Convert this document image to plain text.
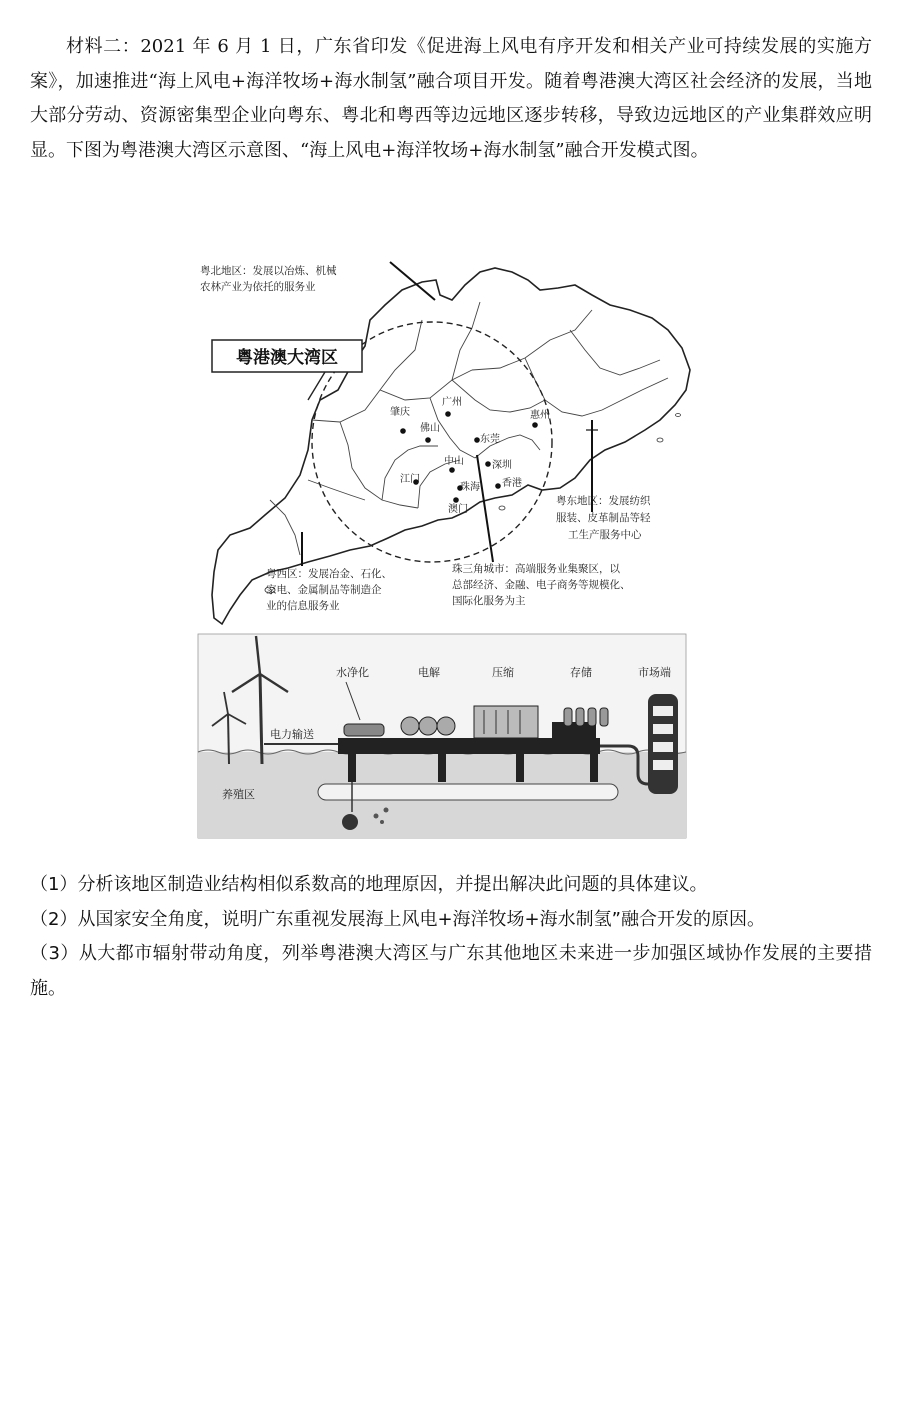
材料二：2021 年 6 月 1 日，广东省印发《促进海上风电有序开发和相关产业可持续发展的实施方案》，加速推进“海上风电+海洋牧场+海水制氢”融合项目开发。随着粤港澳大湾区社会经济的发展，当地大部分劳动、资源密集型企业向粤东、粤北和粤西等边远地区逐步转移，导致边远地区的产业集群效应明显。下图为粤港澳大湾区示意图、“海上风电+海洋牧场+海水制氢”融合开发模式图。

粤港澳大湾区
粤北地区：发展以冶炼、机械
农林产业为依托的服务业
肇庆
广州
惠州
佛山
东莞
中山	深圳
江门
珠海 香港
澳门
粤东地区：发展纺织
服装、皮革制品等轻
工生产服务中心
粤西区：发展冶金、石化、
家电、金属制品等制造企
业的信息服务业
珠三角城市：高端服务业集聚区，以
总部经济、金融、电子商务等规模化、
国际化服务为主
电力输送
水净化	电解	压缩	存储	市场端
养殖区

（1）分析该地区制造业结构相似系数高的地理原因，并提出解决此问题的具体建议。

（2）从国家安全角度，说明广东重视发展海上风电+海洋牧场+海水制氢”融合开发的原因。

（3）从大都市辐射带动角度，列举粤港澳大湾区与广东其他地区未来进一步加强区域协作发展的主要措施。
